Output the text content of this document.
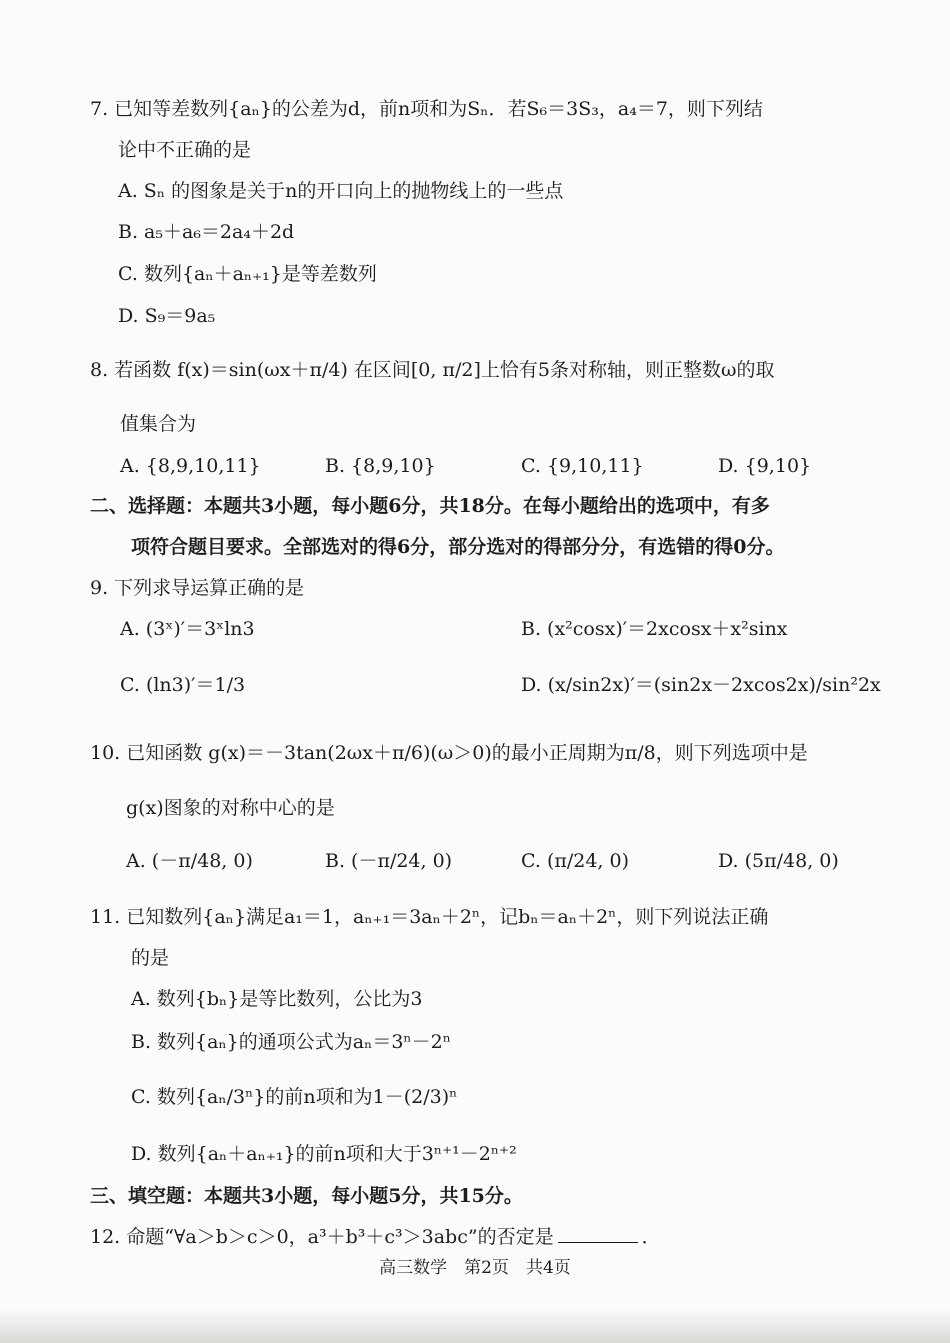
7. 已知等差数列{aₙ}的公差为d，前n项和为Sₙ．若S₆＝3S₃，a₄＝7，则下列结
论中不正确的是
A. Sₙ 的图象是关于n的开口向上的抛物线上的一些点
B. a₅＋a₆＝2a₄＋2d
C. 数列{aₙ＋aₙ₊₁}是等差数列
D. S₉＝9a₅
8. 若函数 f(x)＝sin(ωx＋π/4) 在区间[0, π/2]上恰有5条对称轴，则正整数ω的取
值集合为
A. {8,9,10,11}	B. {8,9,10}	C. {9,10,11}	D. {9,10}
二、选择题：本题共3小题，每小题6分，共18分。在每小题给出的选项中，有多
项符合题目要求。全部选对的得6分，部分选对的得部分分，有选错的得0分。
9. 下列求导运算正确的是
A. (3ˣ)′＝3ˣln3	B. (x²cosx)′＝2xcosx＋x²sinx
C. (ln3)′＝1/3	D. (x/sin2x)′＝(sin2x－2xcos2x)/sin²2x
10. 已知函数 g(x)＝－3tan(2ωx＋π/6)(ω＞0)的最小正周期为π/8，则下列选项中是
g(x)图象的对称中心的是
A. (－π/48, 0)	B. (－π/24, 0)	C. (π/24, 0)	D. (5π/48, 0)
11. 已知数列{aₙ}满足a₁＝1，aₙ₊₁＝3aₙ＋2ⁿ，记bₙ＝aₙ＋2ⁿ，则下列说法正确
的是
A. 数列{bₙ}是等比数列，公比为3
B. 数列{aₙ}的通项公式为aₙ＝3ⁿ－2ⁿ
C. 数列{aₙ/3ⁿ}的前n项和为1－(2/3)ⁿ
D. 数列{aₙ＋aₙ₊₁}的前n项和大于3ⁿ⁺¹－2ⁿ⁺²
三、填空题：本题共3小题，每小题5分，共15分。
12. 命题“∀a＞b＞c＞0，a³＋b³＋c³＞3abc”的否定是	．
高三数学　第2页　共4页
